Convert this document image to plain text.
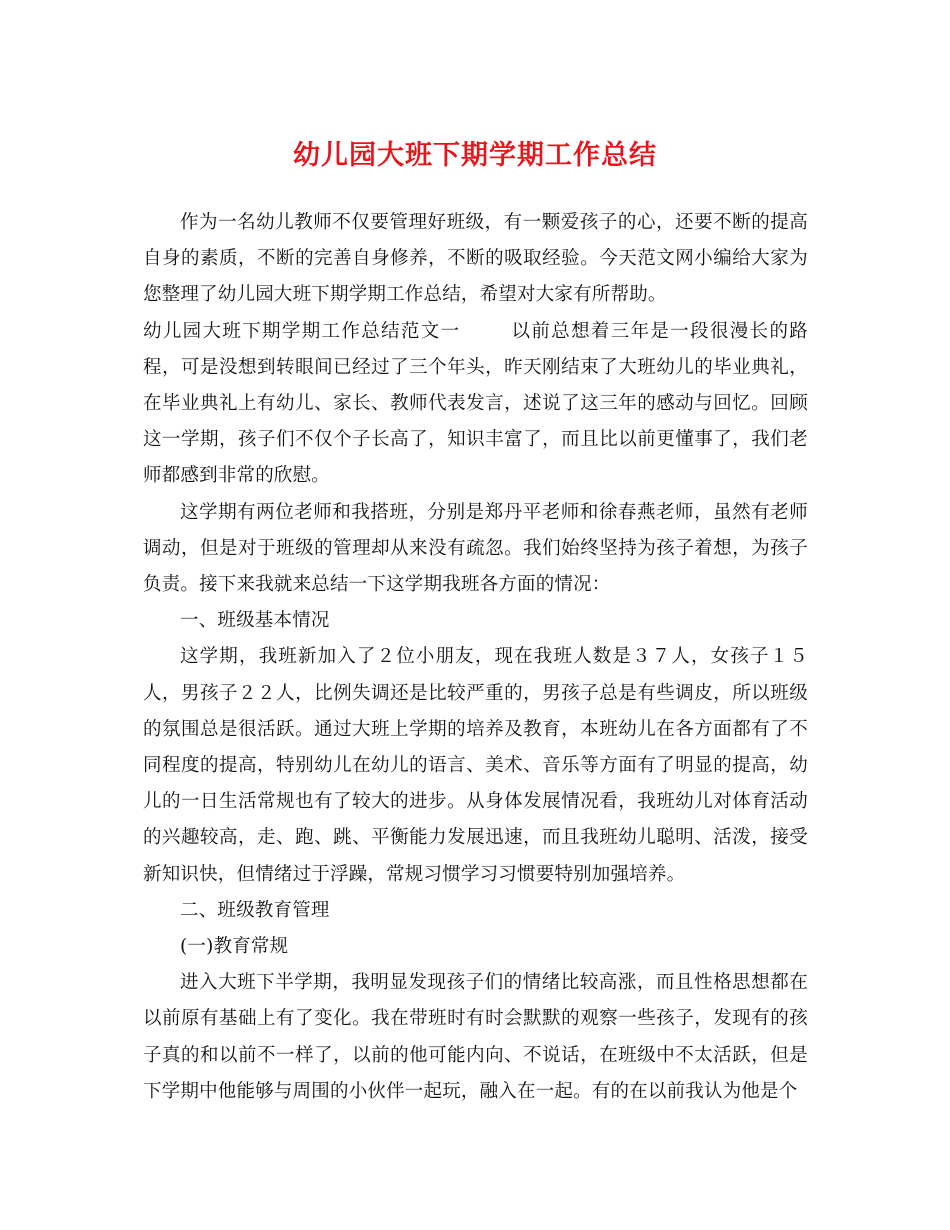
幼儿园大班下期学期工作总结

作为一名幼儿教师不仅要管理好班级，有一颗爱孩子的心，还要不断的提高自身的素质，不断的完善自身修养，不断的吸取经验。今天范文网小编给大家为您整理了幼儿园大班下期学期工作总结，希望对大家有所帮助。

幼儿园大班下期学期工作总结范文一	以前总想着三年是一段很漫长的路程，可是没想到转眼间已经过了三个年头，昨天刚结束了大班幼儿的毕业典礼，在毕业典礼上有幼儿、家长、教师代表发言，述说了这三年的感动与回忆。回顾这一学期，孩子们不仅个子长高了，知识丰富了，而且比以前更懂事了，我们老师都感到非常的欣慰。

这学期有两位老师和我搭班，分别是郑丹平老师和徐春燕老师，虽然有老师调动，但是对于班级的管理却从来没有疏忽。我们始终坚持为孩子着想，为孩子负责。接下来我就来总结一下这学期我班各方面的情况：

一、班级基本情况

这学期，我班新加入了２位小朋友，现在我班人数是３７人，女孩子１５人，男孩子２２人，比例失调还是比较严重的，男孩子总是有些调皮，所以班级的氛围总是很活跃。通过大班上学期的培养及教育，本班幼儿在各方面都有了不同程度的提高，特别幼儿在幼儿的语言、美术、音乐等方面有了明显的提高，幼儿的一日生活常规也有了较大的进步。从身体发展情况看，我班幼儿对体育活动的兴趣较高，走、跑、跳、平衡能力发展迅速，而且我班幼儿聪明、活泼，接受新知识快，但情绪过于浮躁，常规习惯学习习惯要特别加强培养。

二、班级教育管理

(一)教育常规

进入大班下半学期，我明显发现孩子们的情绪比较高涨，而且性格思想都在以前原有基础上有了变化。我在带班时有时会默默的观察一些孩子，发现有的孩子真的和以前不一样了，以前的他可能内向、不说话，在班级中不太活跃，但是下学期中他能够与周围的小伙伴一起玩，融入在一起。有的在以前我认为他是个
